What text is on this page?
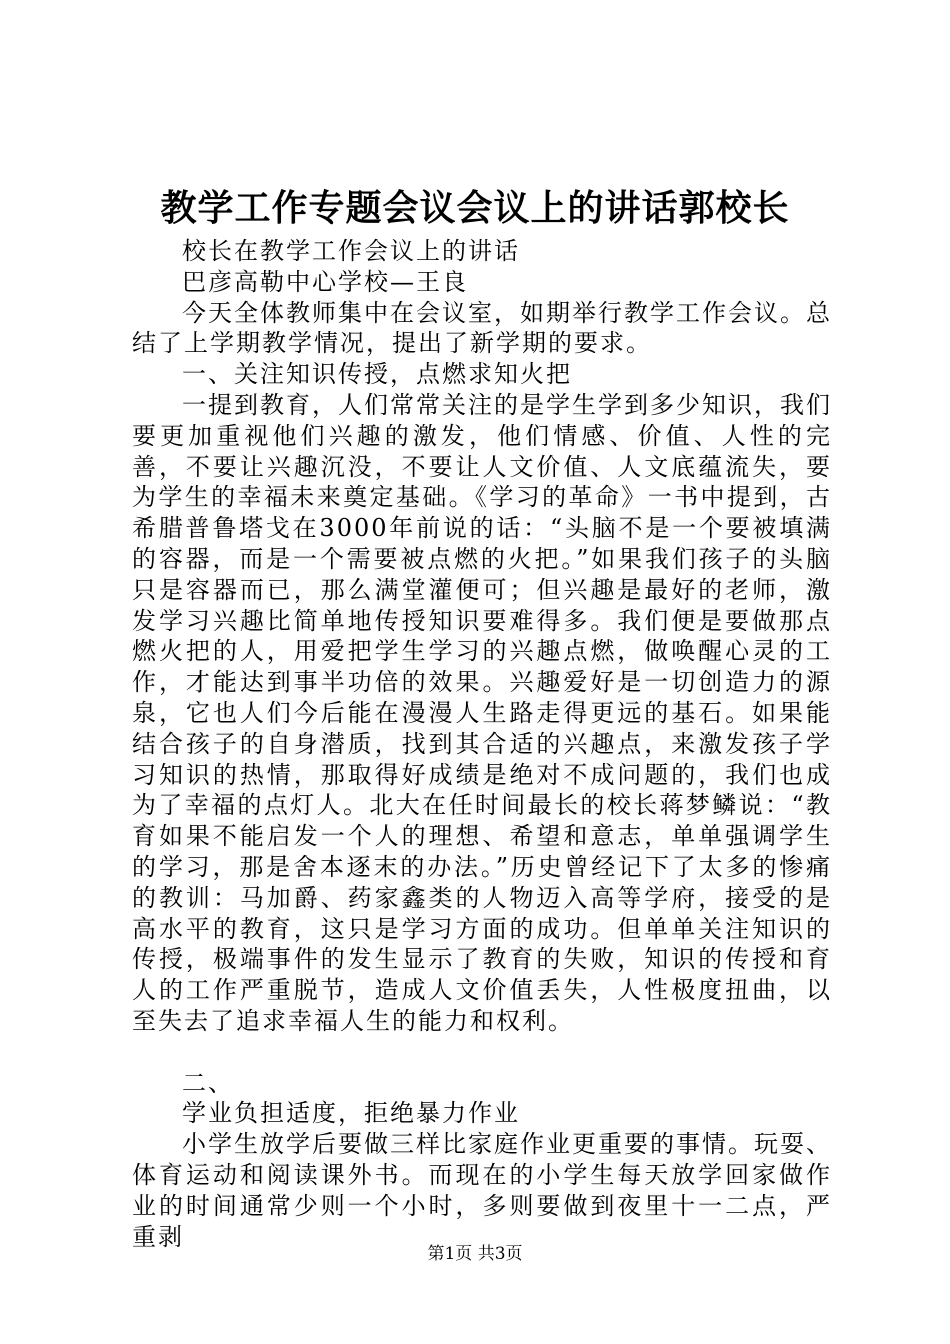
教学工作专题会议会议上的讲话郭校长

校长在教学工作会议上的讲话

巴彦高勒中心学校—王良

今天全体教师集中在会议室，如期举行教学工作会议。总结了上学期教学情况，提出了新学期的要求。

一、关注知识传授，点燃求知火把

一提到教育，人们常常关注的是学生学到多少知识，我们要更加重视他们兴趣的激发，他们情感、价值、人性的完善，不要让兴趣沉没，不要让人文价值、人文底蕴流失，要为学生的幸福未来奠定基础。《学习的革命》一书中提到，古希腊普鲁塔戈在3000年前说的话：“头脑不是一个要被填满的容器，而是一个需要被点燃的火把。”如果我们孩子的头脑只是容器而已，那么满堂灌便可；但兴趣是最好的老师，激发学习兴趣比简单地传授知识要难得多。我们便是要做那点燃火把的人，用爱把学生学习的兴趣点燃，做唤醒心灵的工作，才能达到事半功倍的效果。兴趣爱好是一切创造力的源泉，它也人们今后能在漫漫人生路走得更远的基石。如果能结合孩子的自身潜质，找到其合适的兴趣点，来激发孩子学习知识的热情，那取得好成绩是绝对不成问题的，我们也成为了幸福的点灯人。北大在任时间最长的校长蒋梦鳞说：“教育如果不能启发一个人的理想、希望和意志，单单强调学生的学习，那是舍本逐末的办法。”历史曾经记下了太多的惨痛的教训：马加爵、药家鑫类的人物迈入高等学府，接受的是高水平的教育，这只是学习方面的成功。但单单关注知识的传授，极端事件的发生显示了教育的失败，知识的传授和育人的工作严重脱节，造成人文价值丢失，人性极度扭曲，以至失去了追求幸福人生的能力和权利。

二、

学业负担适度，拒绝暴力作业

小学生放学后要做三样比家庭作业更重要的事情。玩耍、体育运动和阅读课外书。而现在的小学生每天放学回家做作业的时间通常少则一个小时，多则要做到夜里十一二点，严重剥

第1页 共3页
